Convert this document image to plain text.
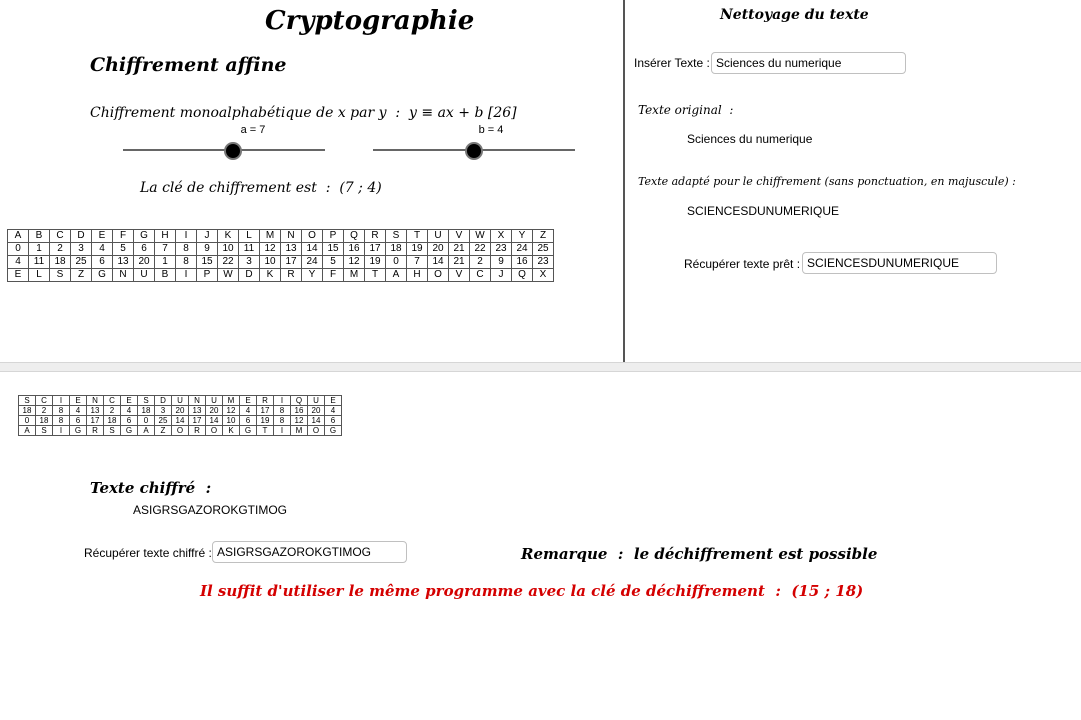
Cryptographie
Chiffrement affine
Chiffrement monoalphabétique de x par y  :  y ≡ ax + b [26]
a = 7	b = 4
La clé de chiffrement est  :  (7 ; 4)
A	B	C	D	E	F	G	H	I	J	K	L	M	N	O	P	Q	R	S	T	U	V	W	X	Y	Z
0	1	2	3	4	5	6	7	8	9	10	11	12	13	14	15	16	17	18	19	20	21	22	23	24	25
4	11	18	25	6	13	20	1	8	15	22	3	10	17	24	5	12	19	0	7	14	21	2	9	16	23
E	L	S	Z	G	N	U	B	I	P	W	D	K	R	Y	F	M	T	A	H	O	V	C	J	Q	X
Nettoyage du texte
Insérer Texte :
Sciences du numerique
Texte original  :
Sciences du numerique
Texte adapté pour le chiffrement (sans ponctuation, en majuscule) :
SCIENCESDUNUMERIQUE
Récupérer texte prêt :
SCIENCESDUNUMERIQUE
S	C	I	E	N	C	E	S	D	U	N	U	M	E	R	I	Q	U	E
18	2	8	4	13	2	4	18	3	20	13	20	12	4	17	8	16	20	4
0	18	8	6	17	18	6	0	25	14	17	14	10	6	19	8	12	14	6
A	S	I	G	R	S	G	A	Z	O	R	O	K	G	T	I	M	O	G
Texte chiffré  :
ASIGRSGAZOROKGTIMOG
Récupérer texte chiffré :
ASIGRSGAZOROKGTIMOG	Remarque  :  le déchiffrement est possible
Il suffit d'utiliser le même programme avec la clé de déchiffrement  :  (15 ; 18)
